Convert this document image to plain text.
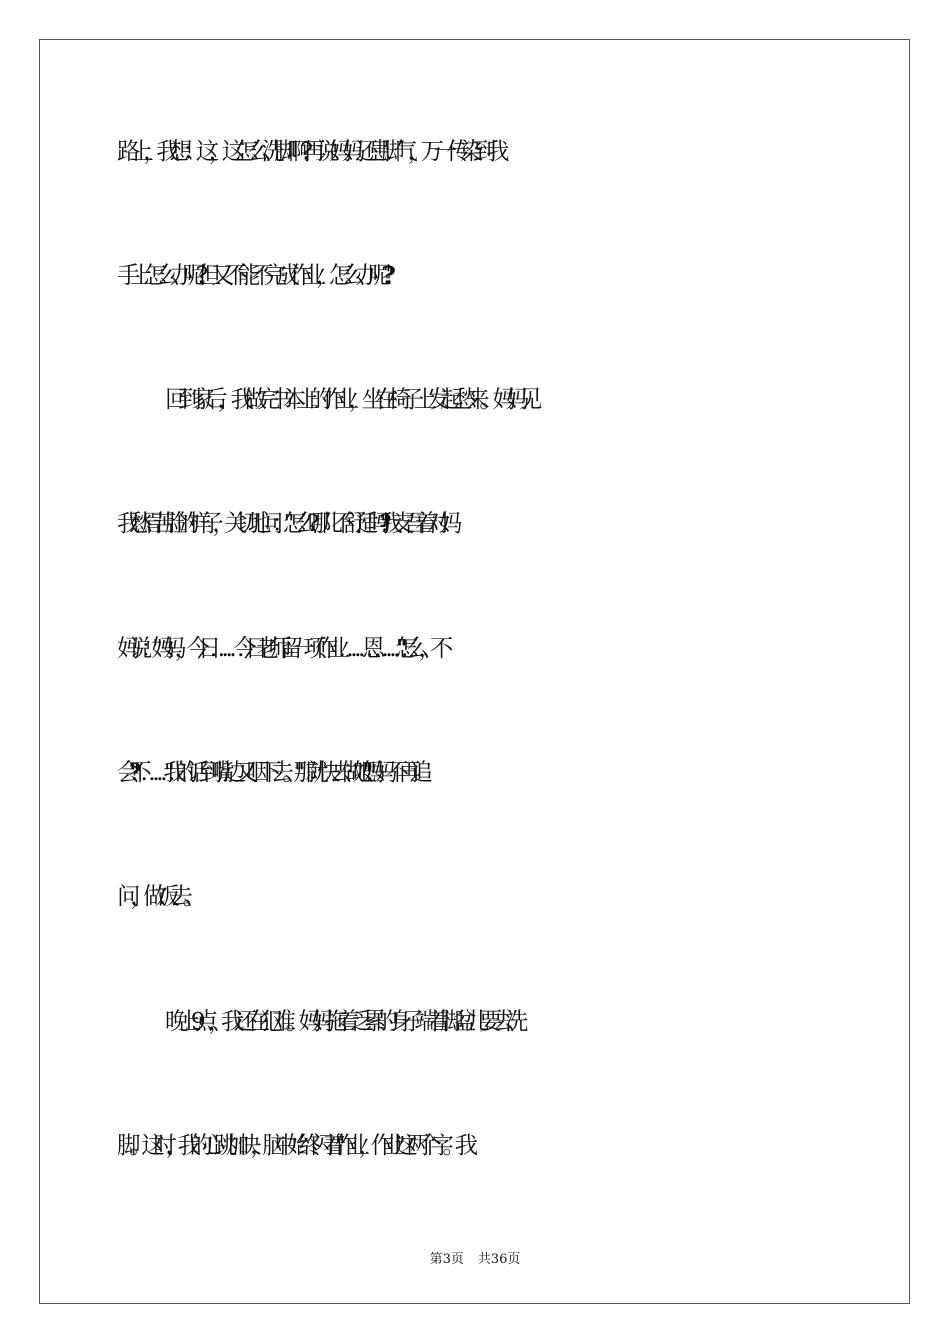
路上，我想：这，这怎么洗脚啊?再说妈妈还患脚气，万一传染到我
手上怎么办呢?但又不能不完成作业，怎么办呢??
回到家后，我做完书本上的作业，坐在椅子上发起愁来。妈妈见
我愁眉苦脸的样子，关切地问："怎么?哪儿不舒适吗?"我支吾着对妈
妈说："妈妈，今日……今日老师留一项作业……恩……""怎么，不
会?""不……"我的话到嘴边又咽下去。"那就快去做吧!"妈妈不再追
问，做饭去。
晚上9点，我还在犯难。妈妈拖着乏累的身子端着脚盆儿要去洗
脚。这时，我的心跳加快，脑中始终闪着"作业，作业"这两个字。我
第3页 共36页
